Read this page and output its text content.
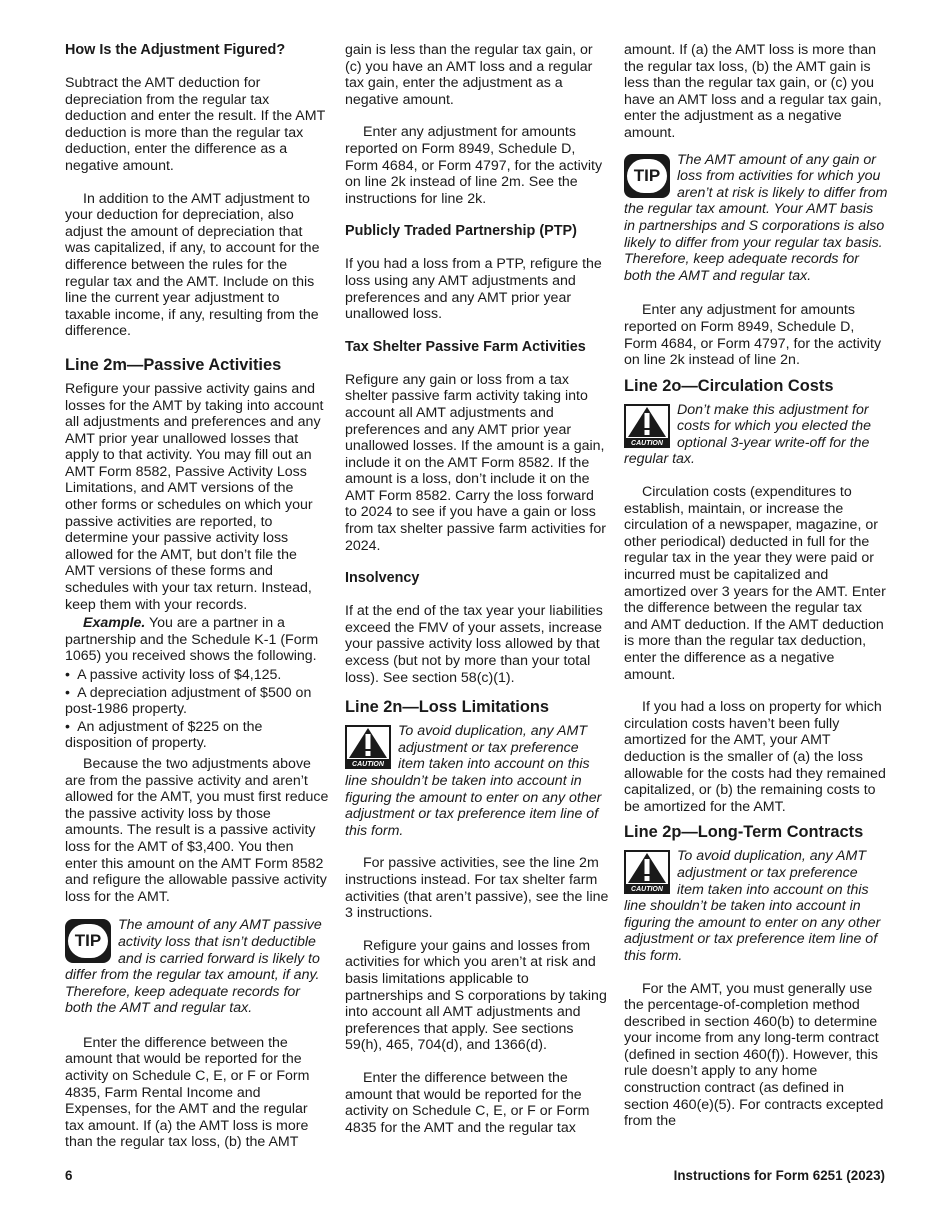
How Is the Adjustment Figured?

Subtract the AMT deduction for depreciation from the regular tax deduction and enter the result. If the AMT deduction is more than the regular tax deduction, enter the difference as a negative amount.

In addition to the AMT adjustment to your deduction for depreciation, also adjust the amount of depreciation that was capitalized, if any, to account for the difference between the rules for the regular tax and the AMT. Include on this line the current year adjustment to taxable income, if any, resulting from the difference.

Line 2m—Passive Activities

Refigure your passive activity gains and losses for the AMT by taking into account all adjustments and preferences and any AMT prior year unallowed losses that apply to that activity. You may fill out an AMT Form 8582, Passive Activity Loss Limitations, and AMT versions of the other forms or schedules on which your passive activities are reported, to determine your passive activity loss allowed for the AMT, but don’t file the AMT versions of these forms and schedules with your tax return. Instead, keep them with your records.

Example. You are a partner in a partnership and the Schedule K-1 (Form 1065) you received shows the following.

•  A passive activity loss of $4,125.
•  A depreciation adjustment of $500 on post-1986 property.
•  An adjustment of $225 on the disposition of property.

Because the two adjustments above are from the passive activity and aren’t allowed for the AMT, you must first reduce the passive activity loss by those amounts. The result is a passive activity loss for the AMT of $3,400. You then enter this amount on the AMT Form 8582 and refigure the allowable passive activity loss for the AMT.

TIP
The amount of any AMT passive activity loss that isn’t deductible and is carried forward is likely to differ from the regular tax amount, if any. Therefore, keep adequate records for both the AMT and regular tax.

Enter the difference between the amount that would be reported for the activity on Schedule C, E, or F or Form 4835, Farm Rental Income and Expenses, for the AMT and the regular tax amount. If (a) the AMT loss is more than the regular tax loss, (b) the AMT

gain is less than the regular tax gain, or (c) you have an AMT loss and a regular tax gain, enter the adjustment as a negative amount.

Enter any adjustment for amounts reported on Form 8949, Schedule D, Form 4684, or Form 4797, for the activity on line 2k instead of line 2m. See the instructions for line 2k.

Publicly Traded Partnership (PTP)

If you had a loss from a PTP, refigure the loss using any AMT adjustments and preferences and any AMT prior year unallowed loss.

Tax Shelter Passive Farm Activities

Refigure any gain or loss from a tax shelter passive farm activity taking into account all AMT adjustments and preferences and any AMT prior year unallowed losses. If the amount is a gain, include it on the AMT Form 8582. If the amount is a loss, don’t include it on the AMT Form 8582. Carry the loss forward to 2024 to see if you have a gain or loss from tax shelter passive farm activities for 2024.

Insolvency

If at the end of the tax year your liabilities exceed the FMV of your assets, increase your passive activity loss allowed by that excess (but not by more than your total loss). See section 58(c)(1).

Line 2n—Loss Limitations
CAUTION
To avoid duplication, any AMT adjustment or tax preference item taken into account on this line shouldn’t be taken into account in figuring the amount to enter on any other adjustment or tax preference item line of this form.

For passive activities, see the line 2m instructions instead. For tax shelter farm activities (that aren’t passive), see the line 3 instructions.

Refigure your gains and losses from activities for which you aren’t at risk and basis limitations applicable to partnerships and S corporations by taking into account all AMT adjustments and preferences that apply. See sections 59(h), 465, 704(d), and 1366(d).

Enter the difference between the amount that would be reported for the activity on Schedule C, E, or F or Form 4835 for the AMT and the regular tax

amount. If (a) the AMT loss is more than the regular tax loss, (b) the AMT gain is less than the regular tax gain, or (c) you have an AMT loss and a regular tax gain, enter the adjustment as a negative amount.

TIP
The AMT amount of any gain or loss from activities for which you aren’t at risk is likely to differ from the regular tax amount. Your AMT basis in partnerships and S corporations is also likely to differ from your regular tax basis. Therefore, keep adequate records for both the AMT and regular tax.

Enter any adjustment for amounts reported on Form 8949, Schedule D, Form 4684, or Form 4797, for the activity on line 2k instead of line 2n.

Line 2o—Circulation Costs
CAUTION
Don’t make this adjustment for costs for which you elected the optional 3-year write-off for the regular tax.

Circulation costs (expenditures to establish, maintain, or increase the circulation of a newspaper, magazine, or other periodical) deducted in full for the regular tax in the year they were paid or incurred must be capitalized and amortized over 3 years for the AMT. Enter the difference between the regular tax and AMT deduction. If the AMT deduction is more than the regular tax deduction, enter the difference as a negative amount.

If you had a loss on property for which circulation costs haven’t been fully amortized for the AMT, your AMT deduction is the smaller of (a) the loss allowable for the costs had they remained capitalized, or (b) the remaining costs to be amortized for the AMT.

Line 2p—Long-Term Contracts
CAUTION
To avoid duplication, any AMT adjustment or tax preference item taken into account on this line shouldn’t be taken into account in figuring the amount to enter on any other adjustment or tax preference item line of this form.

For the AMT, you must generally use the percentage-of-completion method described in section 460(b) to determine your income from any long-term contract (defined in section 460(f)). However, this rule doesn’t apply to any home construction contract (as defined in section 460(e)(5). For contracts excepted from the

6	Instructions for Form 6251 (2023)
